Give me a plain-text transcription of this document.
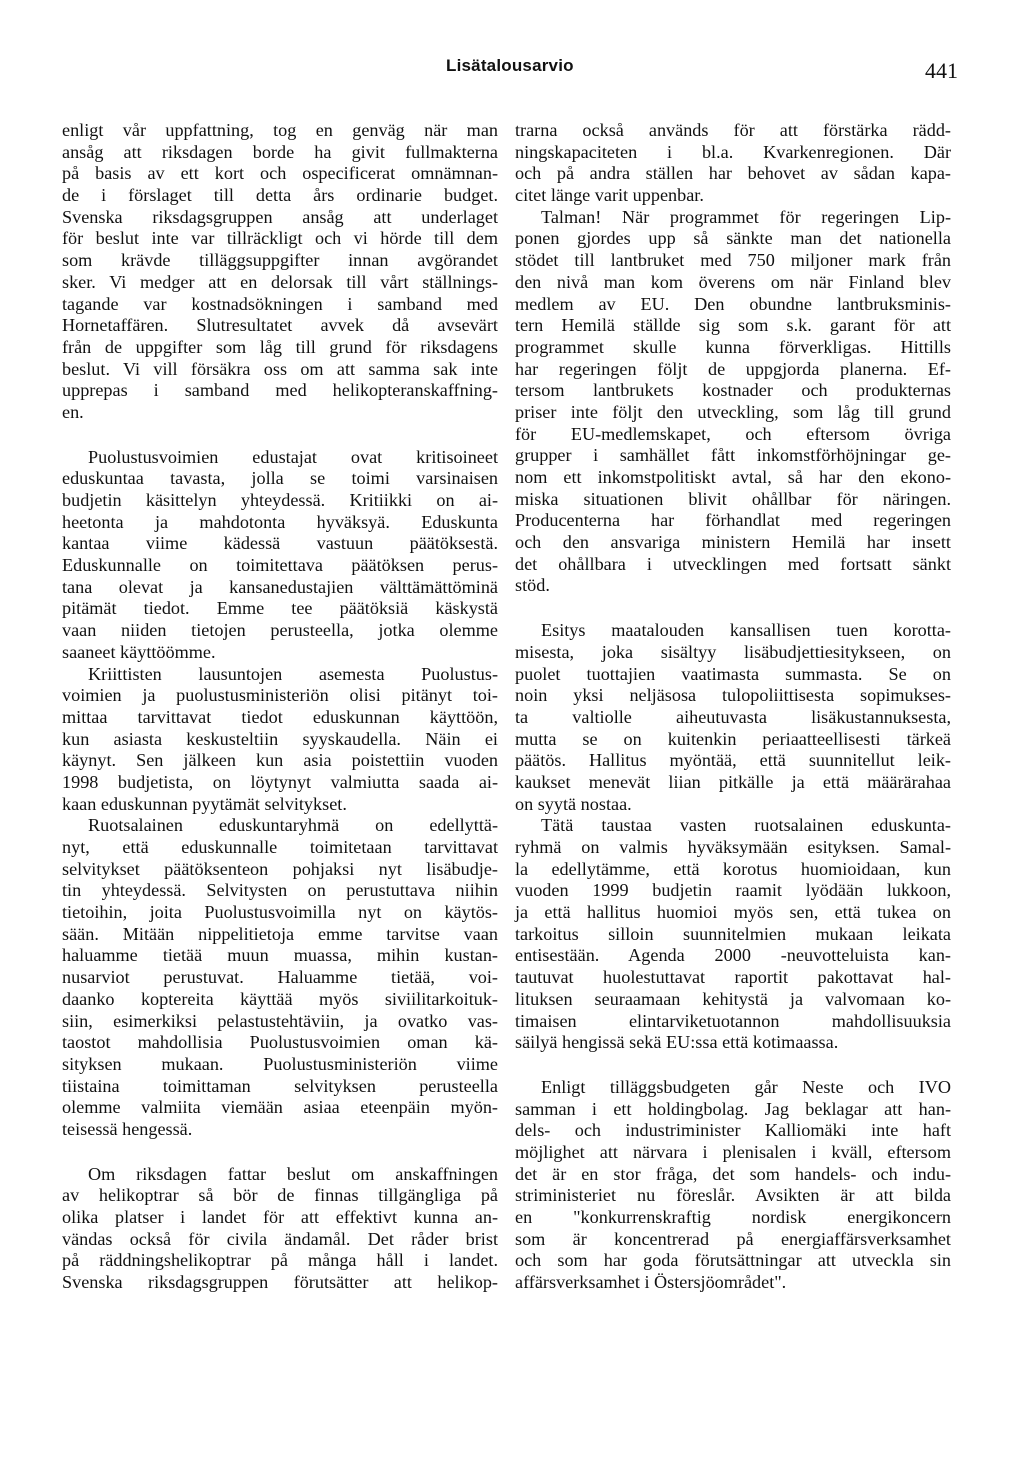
Lisätalousarvio	441
enligt vår uppfattning, tog en genväg när man
ansåg att riksdagen borde ha givit fullmakterna
på basis av ett kort och ospecificerat omnämnan-
de i förslaget till detta års ordinarie budget.
Svenska riksdagsgruppen ansåg att underlaget
för beslut inte var tillräckligt och vi hörde till dem
som krävde tilläggsuppgifter innan avgörandet
sker. Vi medger att en delorsak till vårt ställnings-
tagande var kostnadsökningen i samband med
Hornetaffären. Slutresultatet avvek då avsevärt
från de uppgifter som låg till grund för riksdagens
beslut. Vi vill försäkra oss om att samma sak inte
upprepas i samband med helikopteranskaffning-
en.
Puolustusvoimien edustajat ovat kritisoineet
eduskuntaa tavasta, jolla se toimi varsinaisen
budjetin käsittelyn yhteydessä. Kritiikki on ai-
heetonta ja mahdotonta hyväksyä. Eduskunta
kantaa viime kädessä vastuun päätöksestä.
Eduskunnalle on toimitettava päätöksen perus-
tana olevat ja kansanedustajien välttämättöminä
pitämät tiedot. Emme tee päätöksiä käskystä
vaan niiden tietojen perusteella, jotka olemme
saaneet käyttöömme.
Kriittisten lausuntojen asemesta Puolustus-
voimien ja puolustusministeriön olisi pitänyt toi-
mittaa tarvittavat tiedot eduskunnan käyttöön,
kun asiasta keskusteltiin syyskaudella. Näin ei
käynyt. Sen jälkeen kun asia poistettiin vuoden
1998 budjetista, on löytynyt valmiutta saada ai-
kaan eduskunnan pyytämät selvitykset.
Ruotsalainen eduskuntaryhmä on edellyttä-
nyt, että eduskunnalle toimitetaan tarvittavat
selvitykset päätöksenteon pohjaksi nyt lisäbudje-
tin yhteydessä. Selvitysten on perustuttava niihin
tietoihin, joita Puolustusvoimilla nyt on käytös-
sään. Mitään nippelitietoja emme tarvitse vaan
haluamme tietää muun muassa, mihin kustan-
nusarviot perustuvat. Haluamme tietää, voi-
daanko koptereita käyttää myös siviilitarkoituk-
siin, esimerkiksi pelastustehtäviin, ja ovatko vas-
taostot mahdollisia Puolustusvoimien oman kä-
sityksen mukaan. Puolustusministeriön viime
tiistaina toimittaman selvityksen perusteella
olemme valmiita viemään asiaa eteenpäin myön-
teisessä hengessä.
Om riksdagen fattar beslut om anskaffningen
av helikoptrar så bör de finnas tillgängliga på
olika platser i landet för att effektivt kunna an-
vändas också för civila ändamål. Det råder brist
på räddningshelikoptrar på många håll i landet.
Svenska riksdagsgruppen förutsätter att helikop-
trarna också används för att förstärka rädd-
ningskapaciteten i bl.a. Kvarkenregionen. Där
och på andra ställen har behovet av sådan kapa-
citet länge varit uppenbar.
Talman! När programmet för regeringen Lip-
ponen gjordes upp så sänkte man det nationella
stödet till lantbruket med 750 miljoner mark från
den nivå man kom överens om när Finland blev
medlem av EU. Den obundne lantbruksminis-
tern Hemilä ställde sig som s.k. garant för att
programmet skulle kunna förverkligas. Hittills
har regeringen följt de uppgjorda planerna. Ef-
tersom lantbrukets kostnader och produkternas
priser inte följt den utveckling, som låg till grund
för EU-medlemskapet, och eftersom övriga
grupper i samhället fått inkomstförhöjningar ge-
nom ett inkomstpolitiskt avtal, så har den ekono-
miska situationen blivit ohållbar för näringen.
Producenterna har förhandlat med regeringen
och den ansvariga ministern Hemilä har insett
det ohållbara i utvecklingen med fortsatt sänkt
stöd.
Esitys maatalouden kansallisen tuen korotta-
misesta, joka sisältyy lisäbudjettiesitykseen, on
puolet tuottajien vaatimasta summasta. Se on
noin yksi neljäsosa tulopoliittisesta sopimukses-
ta valtiolle aiheutuvasta lisäkustannuksesta,
mutta se on kuitenkin periaatteellisesti tärkeä
päätös. Hallitus myöntää, että suunnitellut leik-
kaukset menevät liian pitkälle ja että määrärahaa
on syytä nostaa.
Tätä taustaa vasten ruotsalainen eduskunta-
ryhmä on valmis hyväksymään esityksen. Samal-
la edellytämme, että korotus huomioidaan, kun
vuoden 1999 budjetin raamit lyödään lukkoon,
ja että hallitus huomioi myös sen, että tukea on
tarkoitus silloin suunnitelmien mukaan leikata
entisestään. Agenda 2000 -neuvotteluista kan-
tautuvat huolestuttavat raportit pakottavat hal-
lituksen seuraamaan kehitystä ja valvomaan ko-
timaisen elintarviketuotannon mahdollisuuksia
säilyä hengissä sekä EU:ssa että kotimaassa.
Enligt tilläggsbudgeten går Neste och IVO
samman i ett holdingbolag. Jag beklagar att han-
dels- och industriminister Kalliomäki inte haft
möjlighet att närvara i plenisalen i kväll, eftersom
det är en stor fråga, det som handels- och indu-
striministeriet nu föreslår. Avsikten är att bilda
en "konkurrenskraftig nordisk energikoncern
som är koncentrerad på energiaffärsverksamhet
och som har goda förutsättningar att utveckla sin
affärsverksamhet i Östersjöområdet".
